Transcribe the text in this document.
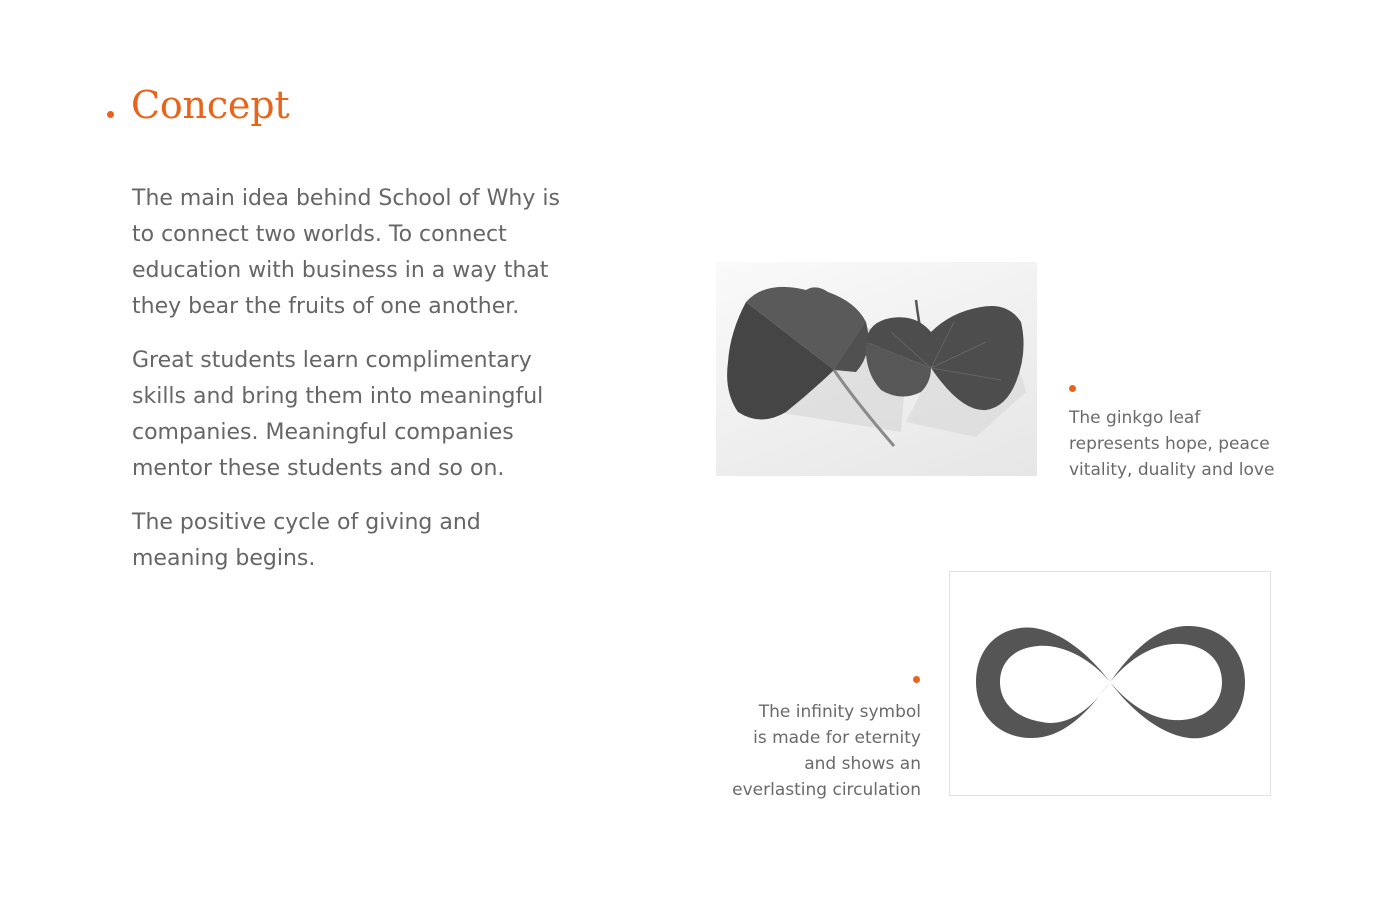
Concept

The main idea behind School of Why is to connect two worlds. To connect education with business in a way that they bear the fruits of one another.

Great students learn complimentary skills and bring them into meaningful companies. Meaningful companies mentor these students and so on.

The positive cycle of giving and meaning begins.

The ginkgo leaf
represents hope, peace
vitality, duality and love
The infinity symbol
is made for eternity
and shows an
everlasting circulation
